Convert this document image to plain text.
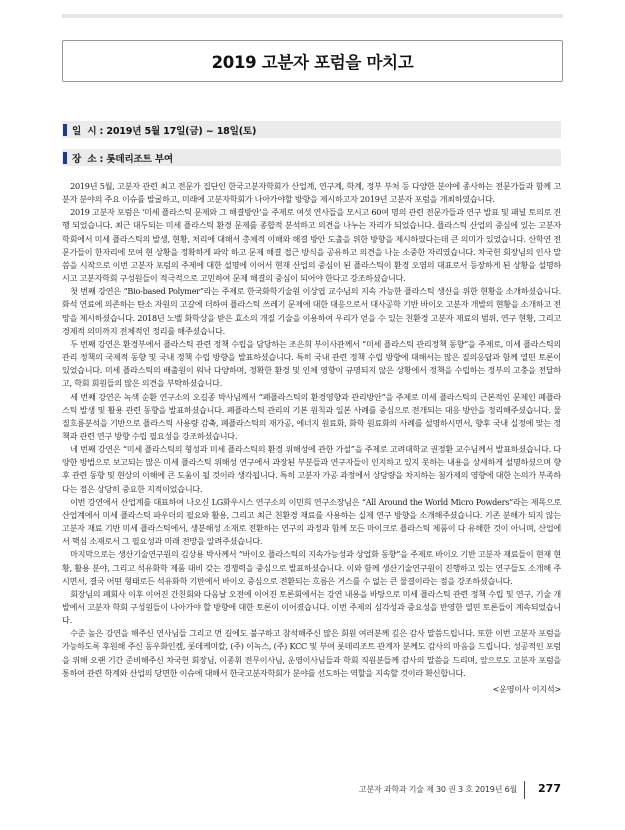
2019 고분자 포럼을 마치고
일  시 : 2019년 5월 17일(금) ~ 18일(토)
장  소 : 롯데리조트 부여

2019년 5월, 고분자 관련 최고 전문가 집단인 한국고분자학회가 산업계, 연구계, 학계, 정부 부처 등 다양한 분야에 종사하는 전문가들과 함께 고분자 분야의 주요 이슈를 발굴하고, 미래에 고분자학회가 나아가야할 방향을 제시하고자 2019년 고분자 포럼을 개최하였습니다.

2019 고분자 포럼은 '미세 플라스틱 문제와 그 해결방안'을 주제로 여섯 연사들을 모시고 60여 명의 관련 전문가들과 연구 발표 및 패널 토의로 진행 되었습니다. 최근 대두되는 미세 플라스틱 환경 문제를 종합적 분석하고 의견을 나누는 자리가 되었습니다. 플라스틱 산업의 중심에 있는 고분자학회에서 미세 플라스틱의 발생, 현황, 처리에 대해서 총체적 이해와 해결 방안 도출을 위한 방향을 제시하였다는데 큰 의미가 있었습니다. 산학연 전문가들이 한자리에 모여 현 상황을 정확하게 파악 하고 문제 해결 접근 방식을 공유하고 의견을 나눈 소중한 자리였습니다. 차국헌 회장님의 인사 말씀을 시작으로 이번 고분자 포럼의 주제에 대한 설명에 이어서 현재 산업의 중심이 된 플라스틱이 환경 오염의 대표로서 등장하게 된 상황을 설명하시고 고분자학회 구성원들이 적극적으로 고민하여 문제 해결의 중심이 되어야 한다고 강조하셨습니다.

첫 번째 강연은 “Bio-based Polymer”라는 주제로 한국화학기술원 이상엽 교수님의 지속 가능한 플라스틱 생산을 위한 현황을 소개하셨습니다. 화석 연료에 의존하는 탄소 자원의 고갈에 더하여 플라스틱 쓰레기 문제에 대한 대응으로서 대사공학 기반 바이오 고분자 개발의 현황을 소개하고 전망을 제시하셨습니다. 2018년 노벨 화학상을 받은 효소의 개질 기술을 이용하여 우리가 얻을 수 있는 친환경 고분자 재료의 범위, 연구 현황, 그리고 경제적 의미까지 전체적인 정리를 해주셨습니다.

두 번째 강연은 환경부에서 플라스틱 관련 정책 수립을 담당하는 조은희 부이사관께서 “미세 플라스틱 관리정책 동향”을 주제로, 미세 플라스틱의 관리 정책의 국제적 동향 및 국내 정책 수립 방향을 발표하셨습니다. 특히 국내 관련 정책 수립 방향에 대해서는 많은 질의응답과 함께 열띤 토론이 있었습니다. 미세 플라스틱의 배출원이 워낙 다양하며, 정확한 환경 및 인체 영향이 규명되지 않은 상황에서 정책을 수립하는 정부의 고충을 전달하고, 학회 회원들의 많은 의견을 부탁하셨습니다.

세 번째 강연은 녹색 순환 연구소의 오길종 박사님께서 “폐플라스틱의 환경영향과 관리방안”을 주제로 미세 플라스틱의 근본적인 문제인 폐플라스틱 발생 및 활용 관련 동향을 발표하셨습니다. 폐플라스틱 관리의 기본 원칙과 일본 사례를 중심으로 전개되는 대응 방안을 정리해주셨습니다. 물질흐름분석을 기반으로 플라스틱 사용량 감축, 폐플라스틱의 재가공, 에너지 원료화, 화학 원료화의 사례를 설명하시면서, 향후 국내 실정에 맞는 정책과 관련 연구 방향 수립 필요성을 강조하셨습니다.

네 번째 강연은 “미세 플라스틱의 형성과 미세 플라스틱의 환경 위해성에 관한 가설”을 주제로 고려대학교 권정환 교수님께서 발표하셨습니다. 다양한 방법으로 보고되는 많은 미세 플라스틱 위해성 연구에서 과장된 부분들과 연구자들이 인지하고 있지 못하는 내용을 상세하게 설명하셨으며 향후 관련 동향 및 현상의 이해에 큰 도움이 될 것이라 생각됩니다. 특히 고분자 가공 과정에서 상당량을 차지하는 첨가제의 영향에 대한 논의가 부족하다는 점은 상당히 중요한 지적이었습니다.

이번 강연에서 산업계를 대표하여 나오신 LG화우시스 연구소의 이민희 연구소장님은 “All Around the World Micro Powders”라는 제목으로 산업계에서 미세 플라스틱 파우더의 필요와 활용, 그리고 최근 친환경 재료를 사용하는 실제 연구 방향을 소개해주셨습니다. 기존 분해가 되지 않는 고분자 재료 기반 미세 플라스틱에서, 생분해성 소재로 전환하는 연구의 과정과 함께 모든 마이크로 플라스틱 제품이 다 유해한 것이 아니며, 산업에서 핵심 소재로서 그 필요성과 미래 전망을 알려주셨습니다.

마지막으로는 생산기술연구원의 김상용 박사께서 “바이오 플라스틱의 지속가능성과 상업화 동향”을 주제로 바이오 기반 고분자 재료들이 현재 현황, 활용 분야, 그리고 석유화학 제품 대비 갖는 경쟁력을 중심으로 발표하셨습니다. 이와 함께 생산기술연구원이 진행하고 있는 연구들도 소개해 주시면서, 결국 어떤 형태로든 석유화학 기반에서 바이오 중심으로 전환되는 흐름은 거스를 수 없는 큰 물결이라는 점을 강조하셨습니다.

회장님의 폐회사 이후 이어진 간친회와 다음날 오전에 이어진 토론회에서는 강연 내용을 바탕으로 미세 플라스틱 관련 정책 수립 및 연구, 기술 개발에서 고분자 학회 구성원들이 나아가야 할 방향에 대한 토론이 이어졌습니다. 이번 주제의 심각성과 중요성을 반영한 열띤 토론들이 계속되었습니다.

수준 높은 강연을 해주신 연사님들 그리고 먼 길에도 불구하고 참석해주신 많은 회원 여러분께 깊은 감사 말씀드립니다. 또한 이번 고분자 포럼을 가능하도록 후원해 주신 동우화인켐, 롯데케미칼, (주) 이녹스, (주) KCC 및 부여 롯데리조트 관계자 분께도 감사의 마음을 드립니다. 성공적인 포럼을 위해 오랜 기간 준비해주신 차국헌 회장님, 이종휘 전무이사님, 운영이사님들과 학회 직원분들께 감사의 말씀을 드리며, 앞으로도 고분자 포럼을 통하여 관련 학계와 산업의 당면한 이슈에 대해서 한국고분자학회가 분야를 선도하는 역할을 지속할 것이라 확신합니다.

<운영이사 이지석>

고분자 과학과 기술 제 30 권 3 호 2019년 6월 277
